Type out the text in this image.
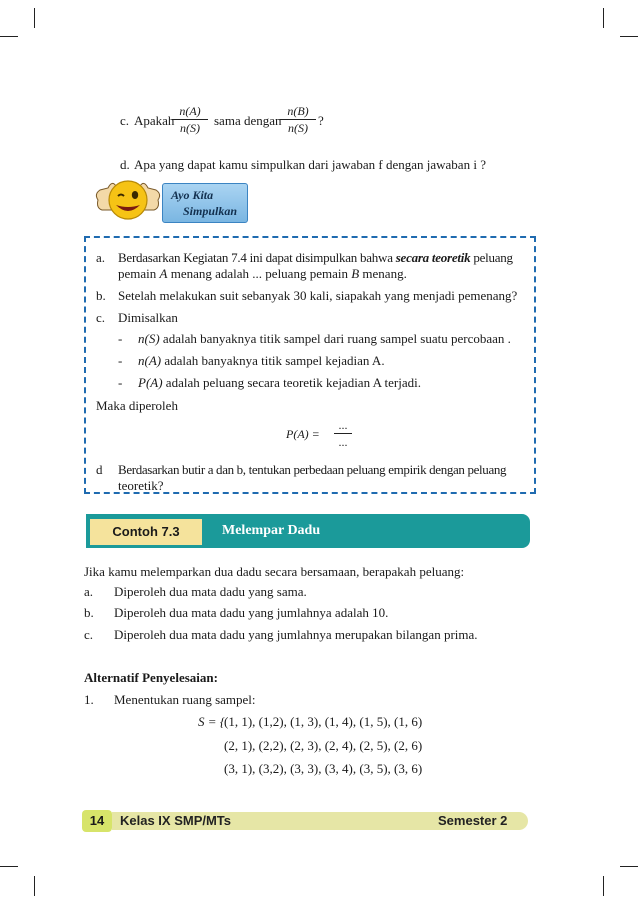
c. Apakah
n(A)
n(S)	sama dengan
n(B)
n(S) ?
d. Apa yang dapat kamu simpulkan dari jawaban f dengan jawaban i ?
Ayo Kita
Simpulkan
a. Berdasarkan Kegiatan 7.4 ini dapat disimpulkan bahwa secara teoretik peluang
pemain A menang adalah ... peluang pemain B menang.
b. Setelah melakukan suit sebanyak 30 kali, siapakah yang menjadi pemenang?
c. Dimisalkan
- n(S) adalah banyaknya titik sampel dari ruang sampel suatu percobaan .
- n(A) adalah banyaknya titik sampel kejadian A.
- P(A) adalah peluang secara teoretik kejadian A terjadi.
Maka diperoleh
P(A) =
...
...
d Berdasarkan butir a dan b, tentukan perbedaan peluang empirik dengan peluang
teoretik?
Contoh 7.3	Melempar Dadu
Jika kamu melemparkan dua dadu secara bersamaan, berapakah peluang:
a. Diperoleh dua mata dadu yang sama.
b. Diperoleh dua mata dadu yang jumlahnya adalah 10.
c. Diperoleh dua mata dadu yang jumlahnya merupakan bilangan prima.
Alternatif Penyelesaian:
1. Menentukan ruang sampel:
S = { (1, 1), (1,2), (1, 3), (1, 4), (1, 5), (1, 6)
(2, 1), (2,2), (2, 3), (2, 4), (2, 5), (2, 6)
(3, 1), (3,2), (3, 3), (3, 4), (3, 5), (3, 6)
14	Kelas IX SMP/MTs	Semester 2
